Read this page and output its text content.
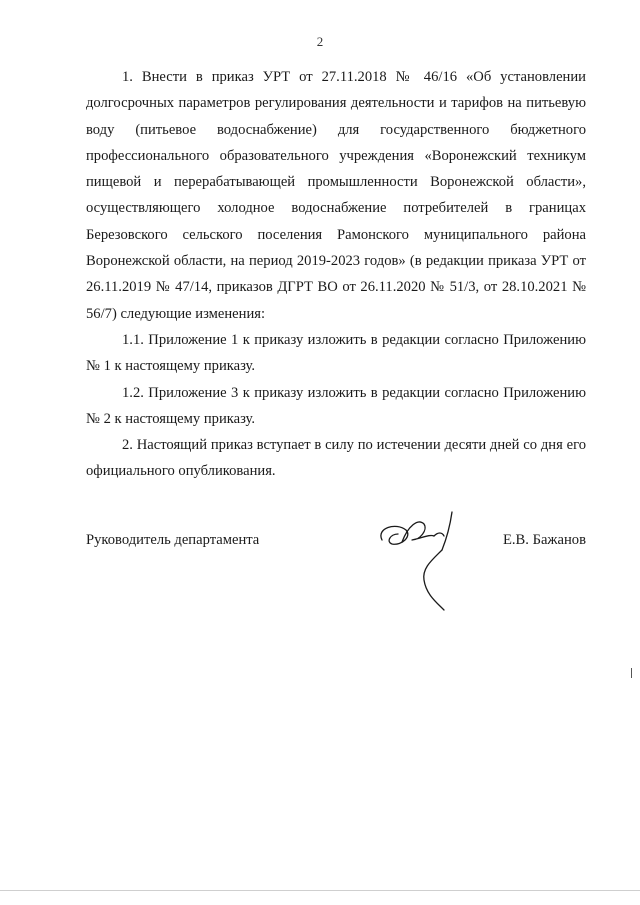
2

1. Внести в приказ УРТ от 27.11.2018 № 46/16 «Об установлении долгосрочных параметров регулирования деятельности и тарифов на питьевую воду (питьевое водоснабжение) для государственного бюджетного профессионального образовательного учреждения «Воронежский техникум пищевой и перерабатывающей промышленности Воронежской области», осуществляющего холодное водоснабжение потребителей в границах Березовского сельского поселения Рамонского муниципального района Воронежской области, на период 2019-2023 годов» (в редакции приказа УРТ от 26.11.2019 № 47/14, приказов ДГРТ ВО от 26.11.2020 № 51/3, от 28.10.2021 № 56/7) следующие изменения:

1.1. Приложение 1 к приказу изложить в редакции согласно Приложению № 1 к настоящему приказу.

1.2. Приложение 3 к приказу изложить в редакции согласно Приложению № 2 к настоящему приказу.

2. Настоящий приказ вступает в силу по истечении десяти дней со дня его официального опубликования.

Руководитель департамента	Е.В. Бажанов
